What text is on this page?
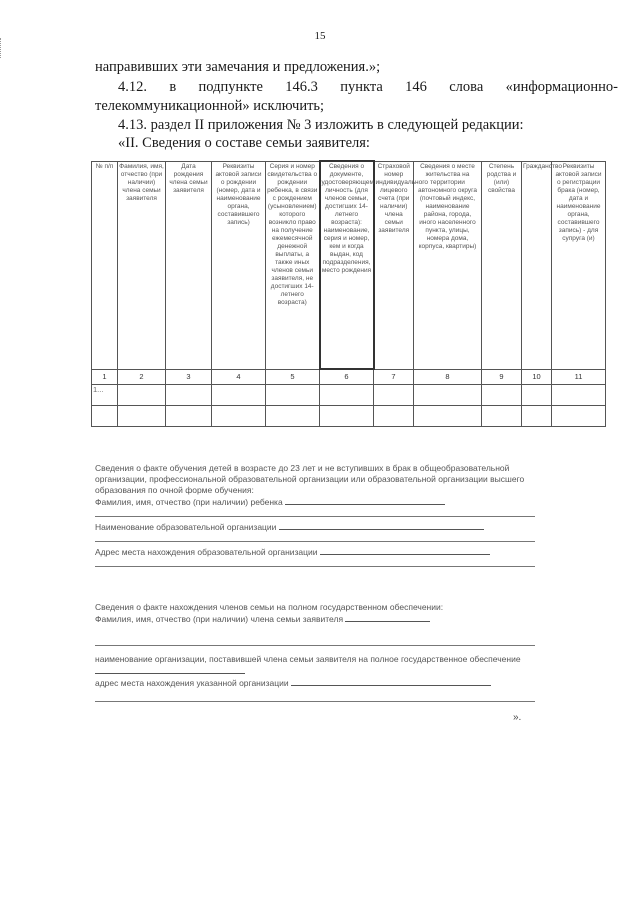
15
направивших эти замечания и предложения.»;
4.12. в подпункте 146.3 пункта 146 слова «информационно-
телекоммуникационной» исключить;
4.13. раздел II приложения № 3 изложить в следующей редакции:
«II. Сведения о составе семьи заявителя:
№ п/п	Фамилия, имя, отчество (при наличии) члена семьи заявителя	Дата рождения члена семьи заявителя	Реквизиты актовой записи о рождении (номер, дата и наименование органа, составившего запись)	Серия и номер свидетельства о рождении ребенка, в связи с рождением (усыновлением) которого возникло право на получение ежемесячной денежной выплаты, а также иных членов семьи заявителя, не достигших 14-летнего возраста)	Сведения о документе, удостоверяющем личность (для членов семьи, достигших 14-летнего возраста): наименование, серия и номер, кем и когда выдан, код подразделения, место рождения	Страховой номер индивидуального лицевого счета (при наличии) члена семьи заявителя	Сведения о месте жительства на территории автономного округа (почтовый индекс, наименование района, города, иного населенного пункта, улицы, номера дома, корпуса, квартиры)	Степень родства и (или) свойства	Гражданство	Реквизиты актовой записи о регистрации брака (номер, дата и наименование органа, составившего запись) - для супруга (и)
1	2	3	4	5	6	7	8	9	10	11
1...										

Сведения о факте обучения детей в возрасте до 23 лет и не вступивших в брак в общеобразовательной организации, профессиональной образовательной организации или образовательной организации высшего образования по очной форме обучения:

Фамилия, имя, отчество (при наличии) ребенка

Наименование образовательной организации

Адрес места нахождения образовательной организации

Сведения о факте нахождения членов семьи на полном государственном обеспечении:

Фамилия, имя, отчество (при наличии) члена семьи заявителя

наименование организации, поставившей члена семьи заявителя на полное государственное обеспечение

адрес места нахождения указанной организации

».
